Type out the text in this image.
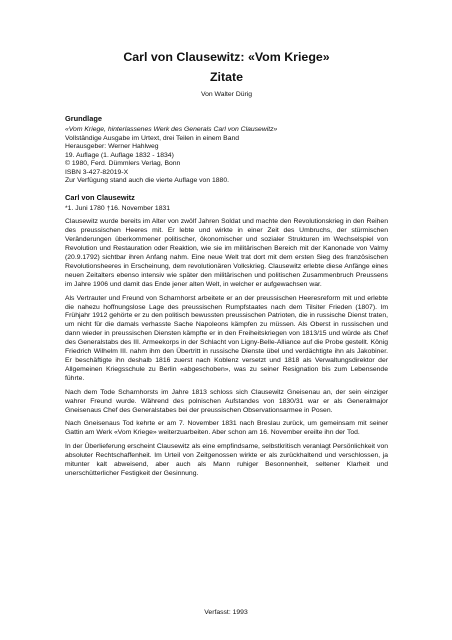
Carl von Clausewitz: «Vom Kriege»
Zitate
Von Walter Dürig
Grundlage
«Vom Kriege, hinterlassenes Werk des Generals Carl von Clausewitz»
Vollständige Ausgabe im Urtext, drei Teilen in einem Band
Herausgeber: Werner Hahlweg
19. Auflage (1. Auflage 1832 - 1834)
© 1980, Ferd. Dümmlers Verlag, Bonn
ISBN 3-427-82019-X
Zur Verfügung stand auch die vierte Auflage von 1880.
Carl von Clausewitz

*1. Juni 1780 †16. November 1831

Clausewitz wurde bereits im Alter von zwölf Jahren Soldat und machte den Revolutionskrieg in den Reihen des preussischen Heeres mit. Er lebte und wirkte in einer Zeit des Umbruchs, der stürmischen Veränderungen überkommener politischer, ökonomischer und sozialer Strukturen im Wechselspiel von Revolution und Restauration oder Reaktion, wie sie im militärischen Bereich mit der Kanonade von Valmy (20.9.1792) sichtbar ihren Anfang nahm. Eine neue Welt trat dort mit dem ersten Sieg des französischen Revolutionsheeres in Erscheinung, dem revolutionären Volkskrieg. Clausewitz erlebte diese Anfänge eines neuen Zeitalters ebenso intensiv wie später den militärischen und politischen Zusammenbruch Preussens im Jahre 1906 und damit das Ende jener alten Welt, in welcher er aufgewachsen war.

Als Vertrauter und Freund von Scharnhorst arbeitete er an der preussischen Heeresreform mit und erlebte die nahezu hoffnungslose Lage des preussischen Rumpfstaates nach dem Tilsiter Frieden (1807). Im Frühjahr 1912 gehörte er zu den politisch bewussten preussischen Patrioten, die in russische Dienst traten, um nicht für die damals verhasste Sache Napoleons kämpfen zu müssen. Als Oberst in russischen und dann wieder in preussischen Diensten kämpfte er in den Freiheitskriegen von 1813/15 und würde als Chef des Generalstabs des III. Armeekorps in der Schlacht von Ligny-Belle-Alliance auf die Probe gestellt. König Friedrich Wilhelm III. nahm ihm den Übertritt in russische Dienste übel und verdächtigte ihn als Jakobiner. Er beschäftigte ihn deshalb 1816 zuerst nach Koblenz versetzt und 1818 als Verwaltungsdirektor der Allgemeinen Kriegsschule zu Berlin «abgeschoben», was zu seiner Resignation bis zum Lebensende führte.

Nach dem Tode Scharnhorsts im Jahre 1813 schloss sich Clausewitz Gneisenau an, der sein einziger wahrer Freund wurde. Während des polnischen Aufstandes von 1830/31 war er als Generalmajor Gneisenaus Chef des Generalstabes bei der preussischen Observationsarmee in Posen.

Nach Gneisenaus Tod kehrte er am 7. November 1831 nach Breslau zurück, um gemeinsam mit seiner Gattin am Werk «Vom Kriege» weiterzuarbeiten. Aber schon am 16. November ereilte ihn der Tod.

In der Überlieferung erscheint Clausewitz als eine empfindsame, selbstkritisch veranlagt Persönlichkeit von absoluter Rechtschaffenheit. Im Urteil von Zeitgenossen wirkte er als zurückhaltend und verschlossen, ja mitunter kalt abweisend, aber auch als Mann ruhiger Besonnenheit, seltener Klarheit und unerschütterlicher Festigkeit der Gesinnung.

Verfasst: 1993
